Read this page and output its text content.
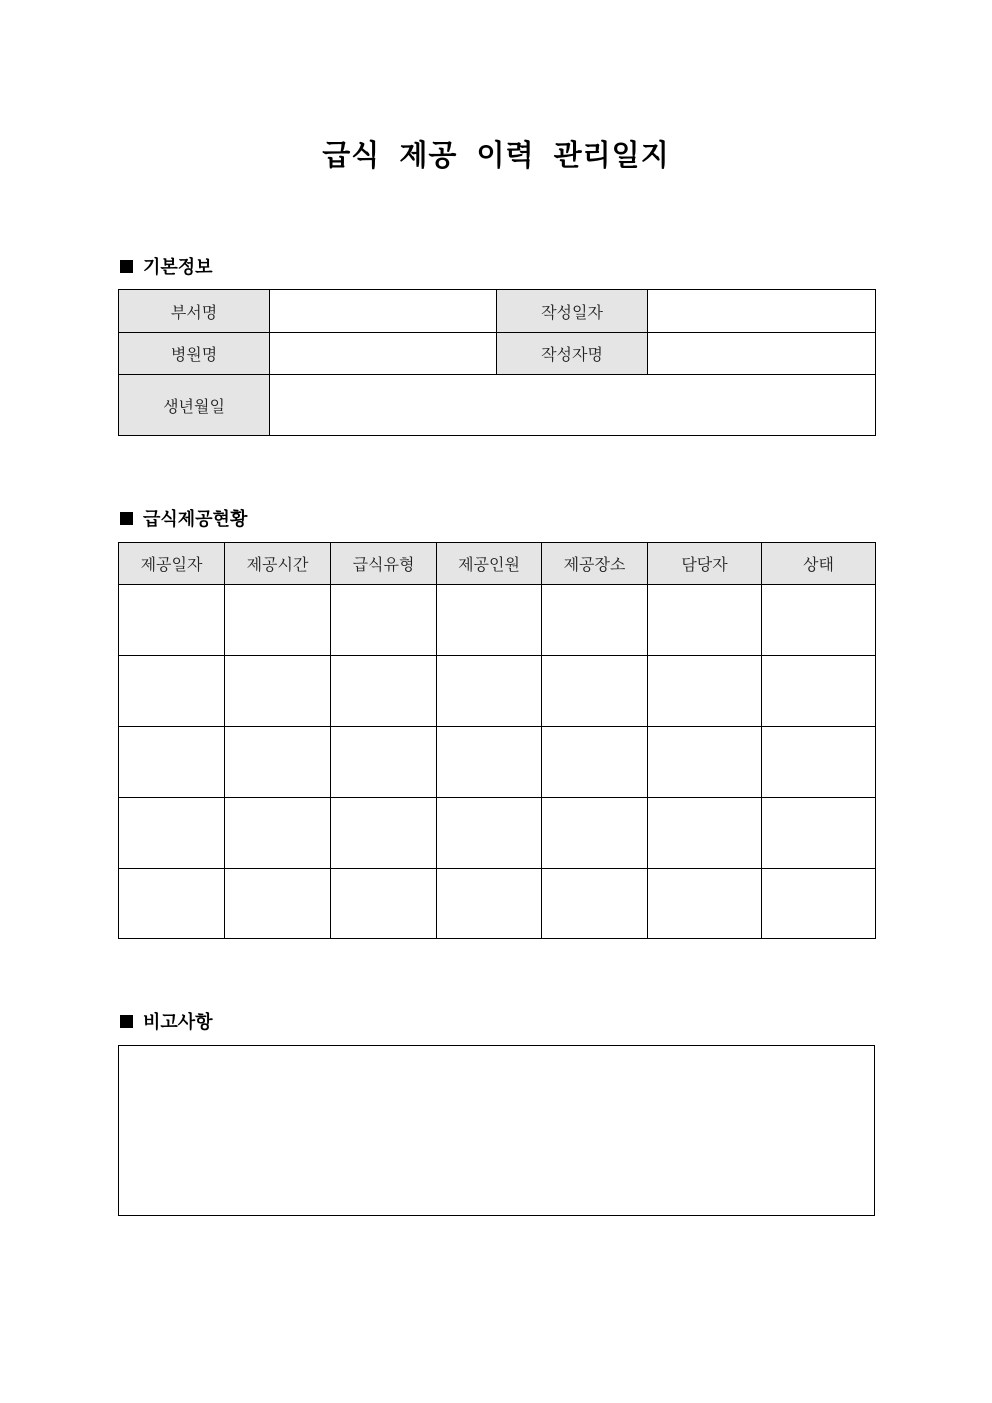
급식 제공 이력 관리일지
기본정보
부서명		작성일자	
병원명		작성자명	
생년월일			
급식제공현황
제공일자	제공시간	급식유형	제공인원	제공장소	담당자	상태

비고사항
